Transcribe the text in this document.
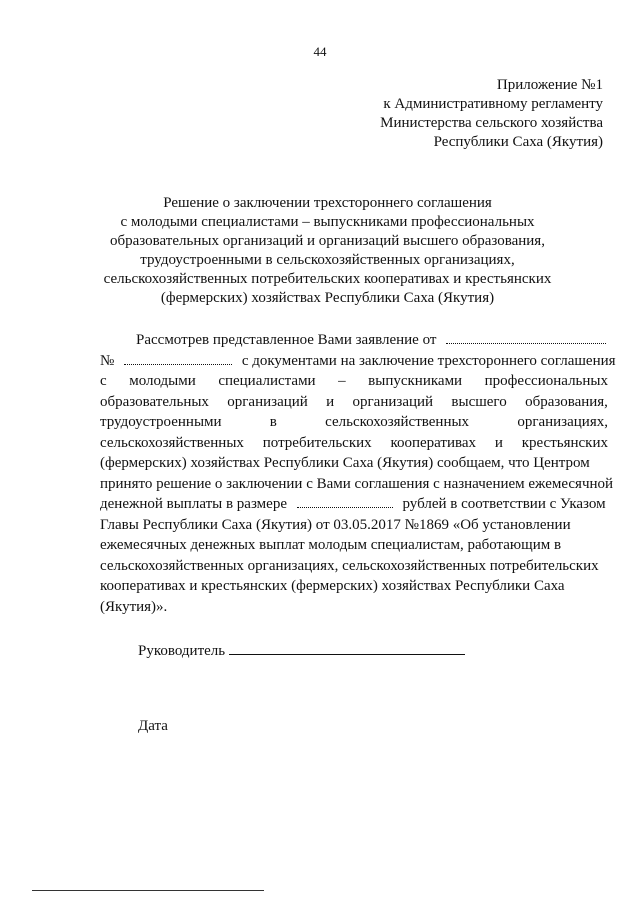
44
Приложение №1
к Административному регламенту
Министерства сельского хозяйства
Республики Саха (Якутия)
Решение о заключении трехстороннего соглашения
с молодыми специалистами – выпускниками профессиональных
образовательных организаций и организаций высшего образования,
трудоустроенными в сельскохозяйственных организациях,
сельскохозяйственных потребительских кооперативах и крестьянских
(фермерских) хозяйствах Республики Саха (Якутия)
Рассмотрев представленное Вами заявление от
№	с документами на заключение трехстороннего соглашения
с молодыми специалистами – выпускниками профессиональных
образовательных организаций и организаций высшего образования,
трудоустроенными	в	сельскохозяйственных	организациях,
сельскохозяйственных потребительских кооперативах и крестьянских
(фермерских) хозяйствах Республики Саха (Якутия) сообщаем, что Центром
принято решение о заключении с Вами соглашения с назначением ежемесячной
денежной выплаты в размере	рублей в соответствии с Указом
Главы Республики Саха (Якутия) от 03.05.2017 №1869 «Об установлении
ежемесячных денежных выплат молодым специалистам, работающим в
сельскохозяйственных организациях, сельскохозяйственных потребительских
кооперативах и крестьянских (фермерских) хозяйствах Республики Саха
(Якутия)».
Руководитель
Дата
